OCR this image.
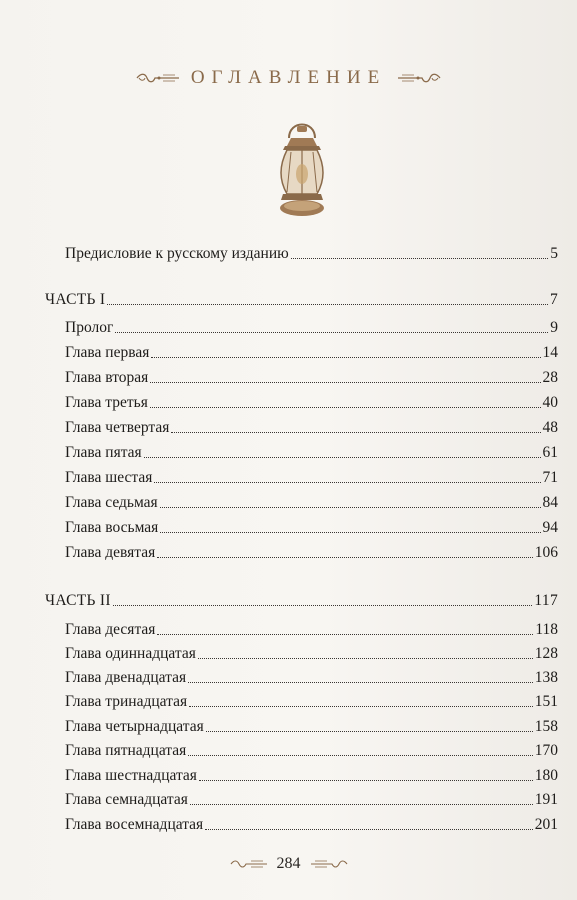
ОГЛАВЛЕНИЕ
Предисловие к русскому изданию	5
ЧАСТЬ I	7
Пролог	9
Глава первая	14
Глава вторая	28
Глава третья	40
Глава четвертая	48
Глава пятая	61
Глава шестая	71
Глава седьмая	84
Глава восьмая	94
Глава девятая	106
ЧАСТЬ II	117
Глава десятая	118
Глава одиннадцатая	128
Глава двенадцатая	138
Глава тринадцатая	151
Глава четырнадцатая	158
Глава пятнадцатая	170
Глава шестнадцатая	180
Глава семнадцатая	191
Глава восемнадцатая	201
284
